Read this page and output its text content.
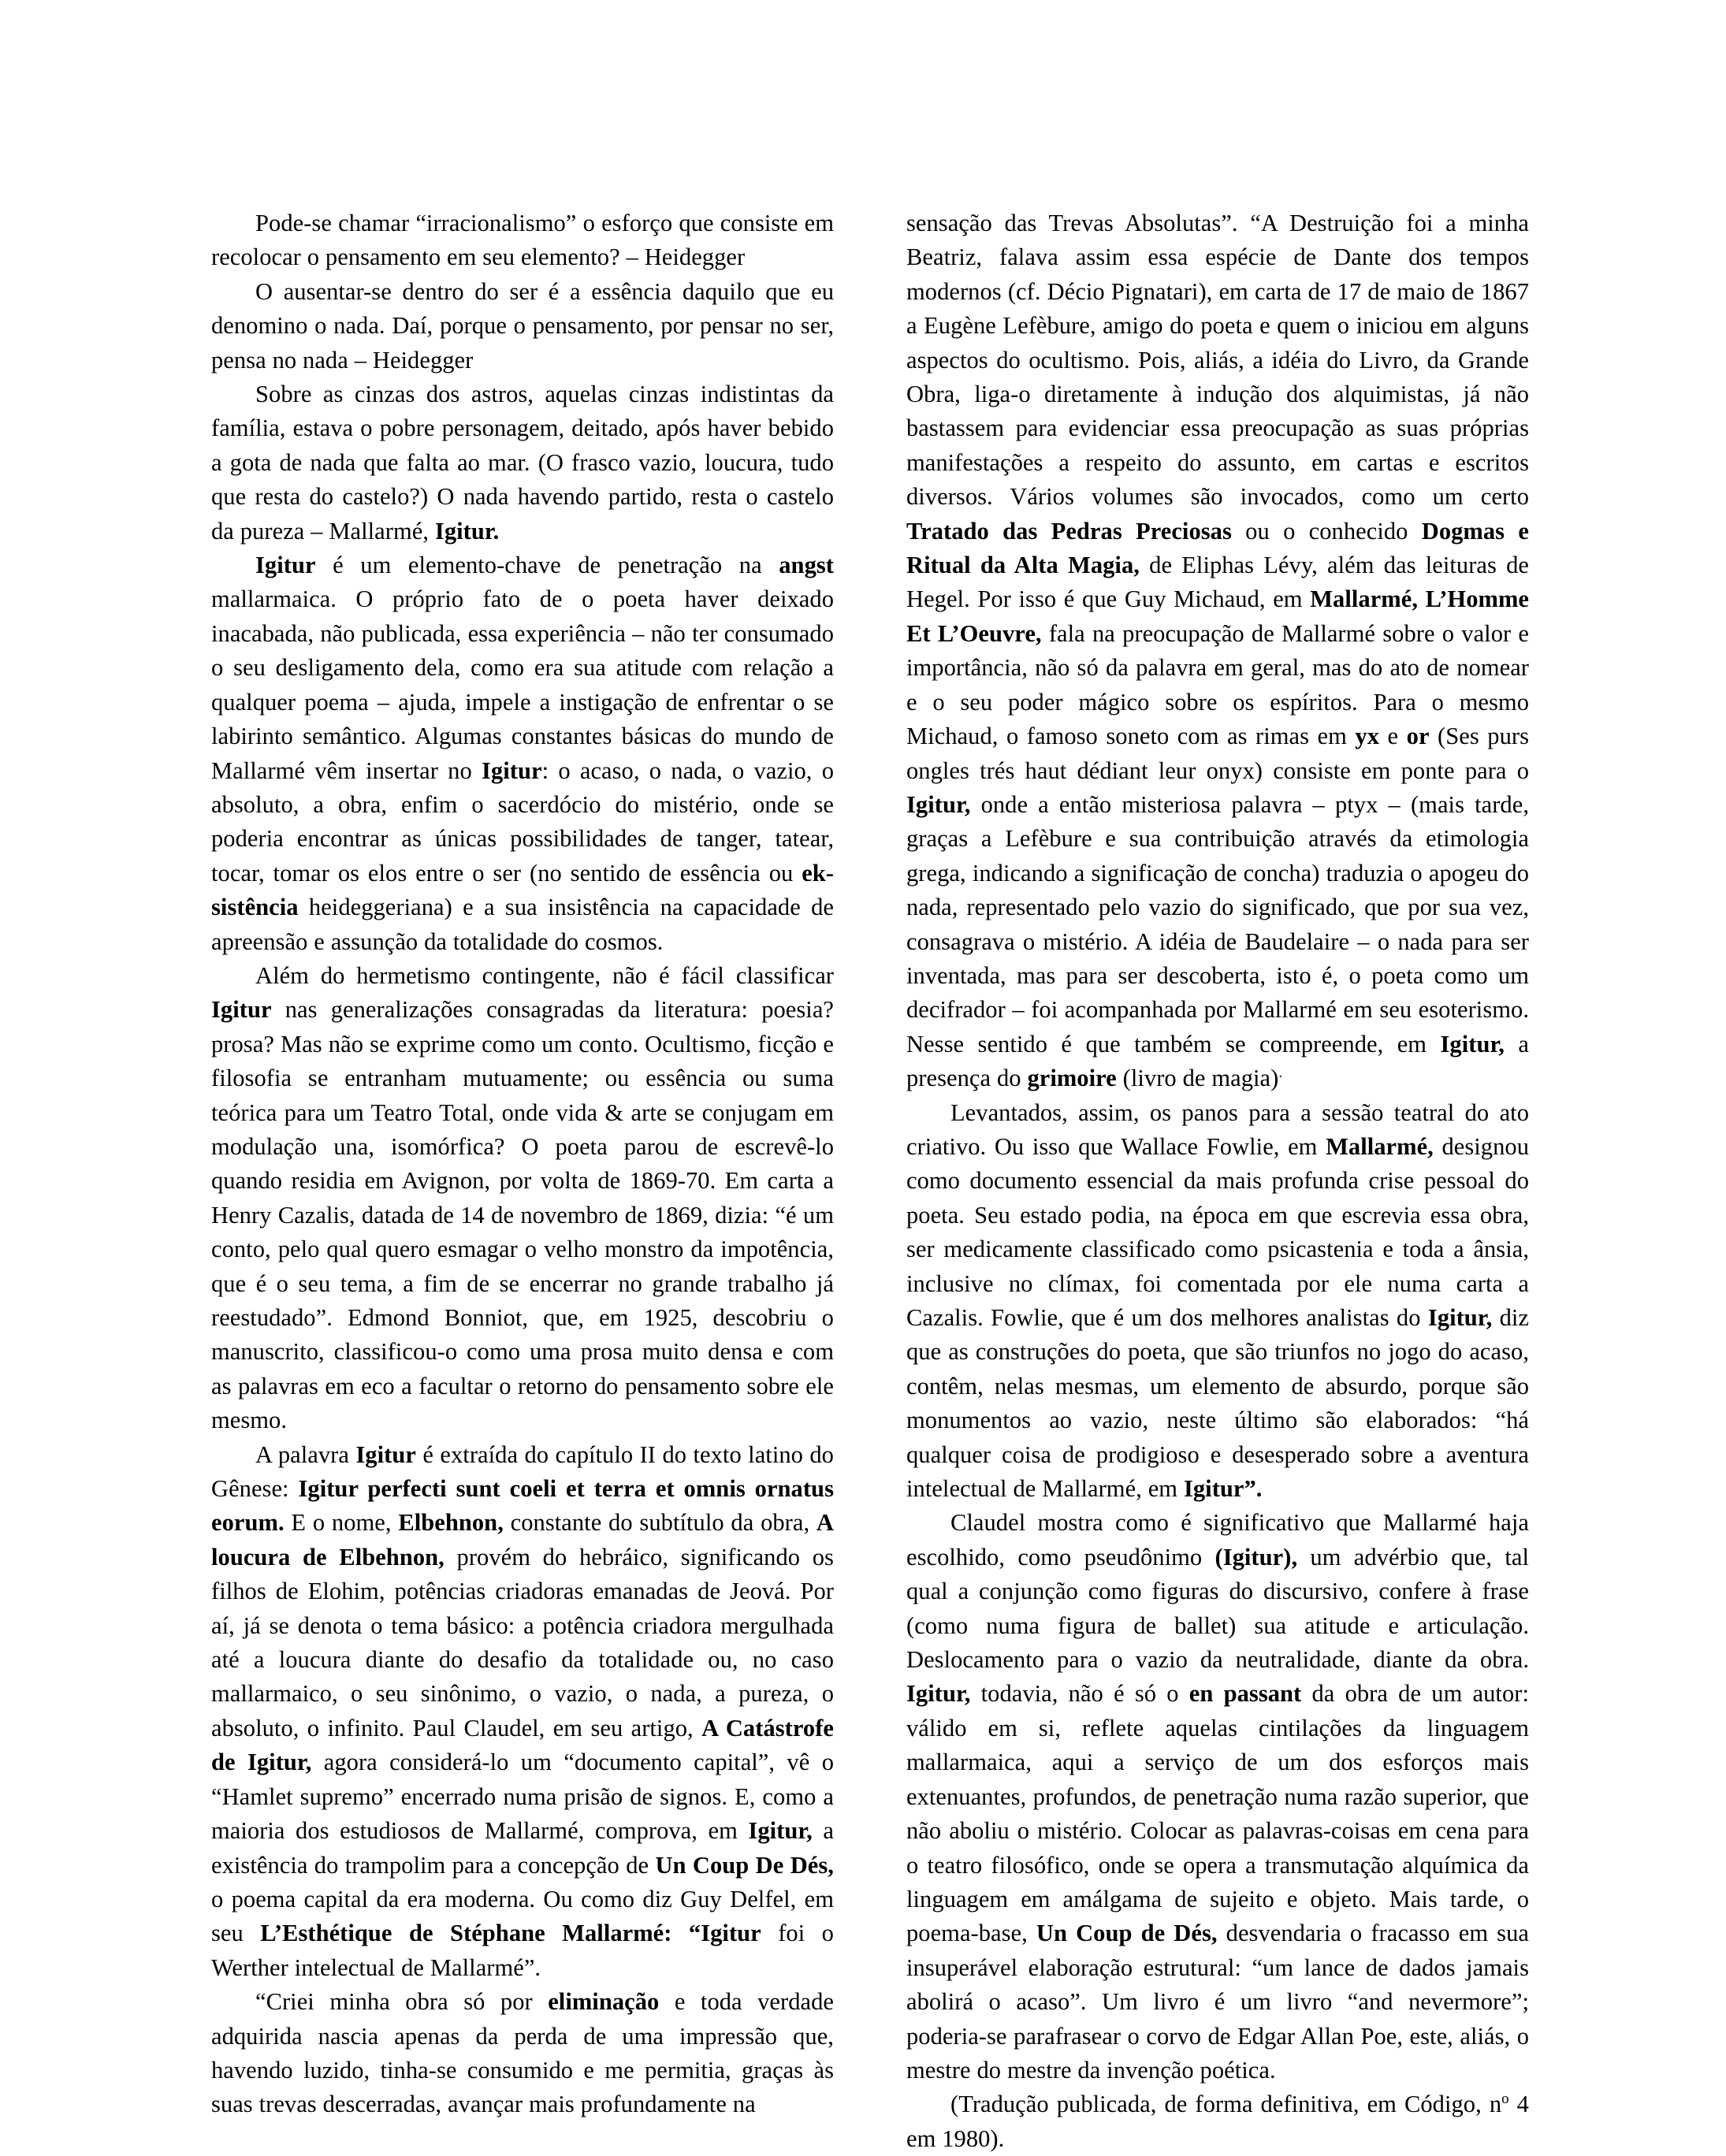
Pode-se chamar “irracionalismo” o esforço que consiste em recolocar o pensamento em seu elemento? – Heidegger

O ausentar-se dentro do ser é a essência daquilo que eu denomino o nada. Daí, porque o pensamento, por pensar no ser, pensa no nada – Heidegger

Sobre as cinzas dos astros, aquelas cinzas indistintas da família, estava o pobre personagem, deitado, após haver bebido a gota de nada que falta ao mar. (O frasco vazio, loucura, tudo que resta do castelo?) O nada havendo partido, resta o castelo da pureza – Mallarmé, Igitur.

Igitur é um elemento-chave de penetração na angst mallarmaica. O próprio fato de o poeta haver deixado inacabada, não publicada, essa experiência – não ter consumado o seu desligamento dela, como era sua atitude com relação a qualquer poema – ajuda, impele a instigação de enfrentar o se labirinto semântico. Algumas constantes básicas do mundo de Mallarmé vêm insertar no Igitur: o acaso, o nada, o vazio, o absoluto, a obra, enfim o sacerdócio do mistério, onde se poderia encontrar as únicas possibilidades de tanger, tatear, tocar, tomar os elos entre o ser (no sentido de essência ou ek-sistência heideggeriana) e a sua insistência na capacidade de apreensão e assunção da totalidade do cosmos.

Além do hermetismo contingente, não é fácil classificar Igitur nas generalizações consagradas da literatura: poesia? prosa? Mas não se exprime como um conto. Ocultismo, ficção e filosofia se entranham mutuamente; ou essência ou suma teórica para um Teatro Total, onde vida & arte se conjugam em modulação una, isomórfica? O poeta parou de escrevê-lo quando residia em Avignon, por volta de 1869-70. Em carta a Henry Cazalis, datada de 14 de novembro de 1869, dizia: “é um conto, pelo qual quero esmagar o velho monstro da impotência, que é o seu tema, a fim de se encerrar no grande trabalho já reestudado”. Edmond Bonniot, que, em 1925, descobriu o manuscrito, classificou-o como uma prosa muito densa e com as palavras em eco a facultar o retorno do pensamento sobre ele mesmo.

A palavra Igitur é extraída do capítulo II do texto latino do Gênese: Igitur perfecti sunt coeli et terra et omnis ornatus eorum. E o nome, Elbehnon, constante do subtítulo da obra, A loucura de Elbehnon, provém do hebráico, significando os filhos de Elohim, potências criadoras emanadas de Jeová. Por aí, já se denota o tema básico: a potência criadora mergulhada até a loucura diante do desafio da totalidade ou, no caso mallarmaico, o seu sinônimo, o vazio, o nada, a pureza, o absoluto, o infinito. Paul Claudel, em seu artigo, A Catástrofe de Igitur, agora considerá-lo um “documento capital”, vê o “Hamlet supremo” encerrado numa prisão de signos. E, como a maioria dos estudiosos de Mallarmé, comprova, em Igitur, a existência do trampolim para a concepção de Un Coup De Dés, o poema capital da era moderna. Ou como diz Guy Delfel, em seu L’Esthétique de Stéphane Mallarmé: “Igitur foi o Werther intelectual de Mallarmé”.

“Criei minha obra só por eliminação e toda verdade adquirida nascia apenas da perda de uma impressão que, havendo luzido, tinha-se consumido e me permitia, graças às suas trevas descerradas, avançar mais profundamente na

sensação das Trevas Absolutas”. “A Destruição foi a minha Beatriz, falava assim essa espécie de Dante dos tempos modernos (cf. Décio Pignatari), em carta de 17 de maio de 1867 a Eugène Lefèbure, amigo do poeta e quem o iniciou em alguns aspectos do ocultismo. Pois, aliás, a idéia do Livro, da Grande Obra, liga-o diretamente à indução dos alquimistas, já não bastassem para evidenciar essa preocupação as suas próprias manifestações a respeito do assunto, em cartas e escritos diversos. Vários volumes são invocados, como um certo Tratado das Pedras Preciosas ou o conhecido Dogmas e Ritual da Alta Magia, de Eliphas Lévy, além das leituras de Hegel. Por isso é que Guy Michaud, em Mallarmé, L’Homme Et L’Oeuvre, fala na preocupação de Mallarmé sobre o valor e importância, não só da palavra em geral, mas do ato de nomear e o seu poder mágico sobre os espíritos. Para o mesmo Michaud, o famoso soneto com as rimas em yx e or (Ses purs ongles trés haut dédiant leur onyx) consiste em ponte para o Igitur, onde a então misteriosa palavra – ptyx – (mais tarde, graças a Lefèbure e sua contribuição através da etimologia grega, indicando a significação de concha) traduzia o apogeu do nada, representado pelo vazio do significado, que por sua vez, consagrava o mistério. A idéia de Baudelaire – o nada para ser inventada, mas para ser descoberta, isto é, o poeta como um decifrador – foi acompanhada por Mallarmé em seu esoterismo. Nesse sentido é que também se compreende, em Igitur, a presença do grimoire (livro de magia).

Levantados, assim, os panos para a sessão teatral do ato criativo. Ou isso que Wallace Fowlie, em Mallarmé, designou como documento essencial da mais profunda crise pessoal do poeta. Seu estado podia, na época em que escrevia essa obra, ser medicamente classificado como psicastenia e toda a ânsia, inclusive no clímax, foi comentada por ele numa carta a Cazalis. Fowlie, que é um dos melhores analistas do Igitur, diz que as construções do poeta, que são triunfos no jogo do acaso, contêm, nelas mesmas, um elemento de absurdo, porque são monumentos ao vazio, neste último são elaborados: “há qualquer coisa de prodigioso e desesperado sobre a aventura intelectual de Mallarmé, em Igitur”.

Claudel mostra como é significativo que Mallarmé haja escolhido, como pseudônimo (Igitur), um advérbio que, tal qual a conjunção como figuras do discursivo, confere à frase (como numa figura de ballet) sua atitude e articulação. Deslocamento para o vazio da neutralidade, diante da obra. Igitur, todavia, não é só o en passant da obra de um autor: válido em si, reflete aquelas cintilações da linguagem mallarmaica, aqui a serviço de um dos esforços mais extenuantes, profundos, de penetração numa razão superior, que não aboliu o mistério. Colocar as palavras-coisas em cena para o teatro filosófico, onde se opera a transmutação alquímica da linguagem em amálgama de sujeito e objeto. Mais tarde, o poema-base, Un Coup de Dés, desvendaria o fracasso em sua insuperável elaboração estrutural: “um lance de dados jamais abolirá o acaso”. Um livro é um livro “and nevermore”; poderia-se parafrasear o corvo de Edgar Allan Poe, este, aliás, o mestre do mestre da invenção poética.

(Tradução publicada, de forma definitiva, em Código, $n^o$ 4 em 1980).
